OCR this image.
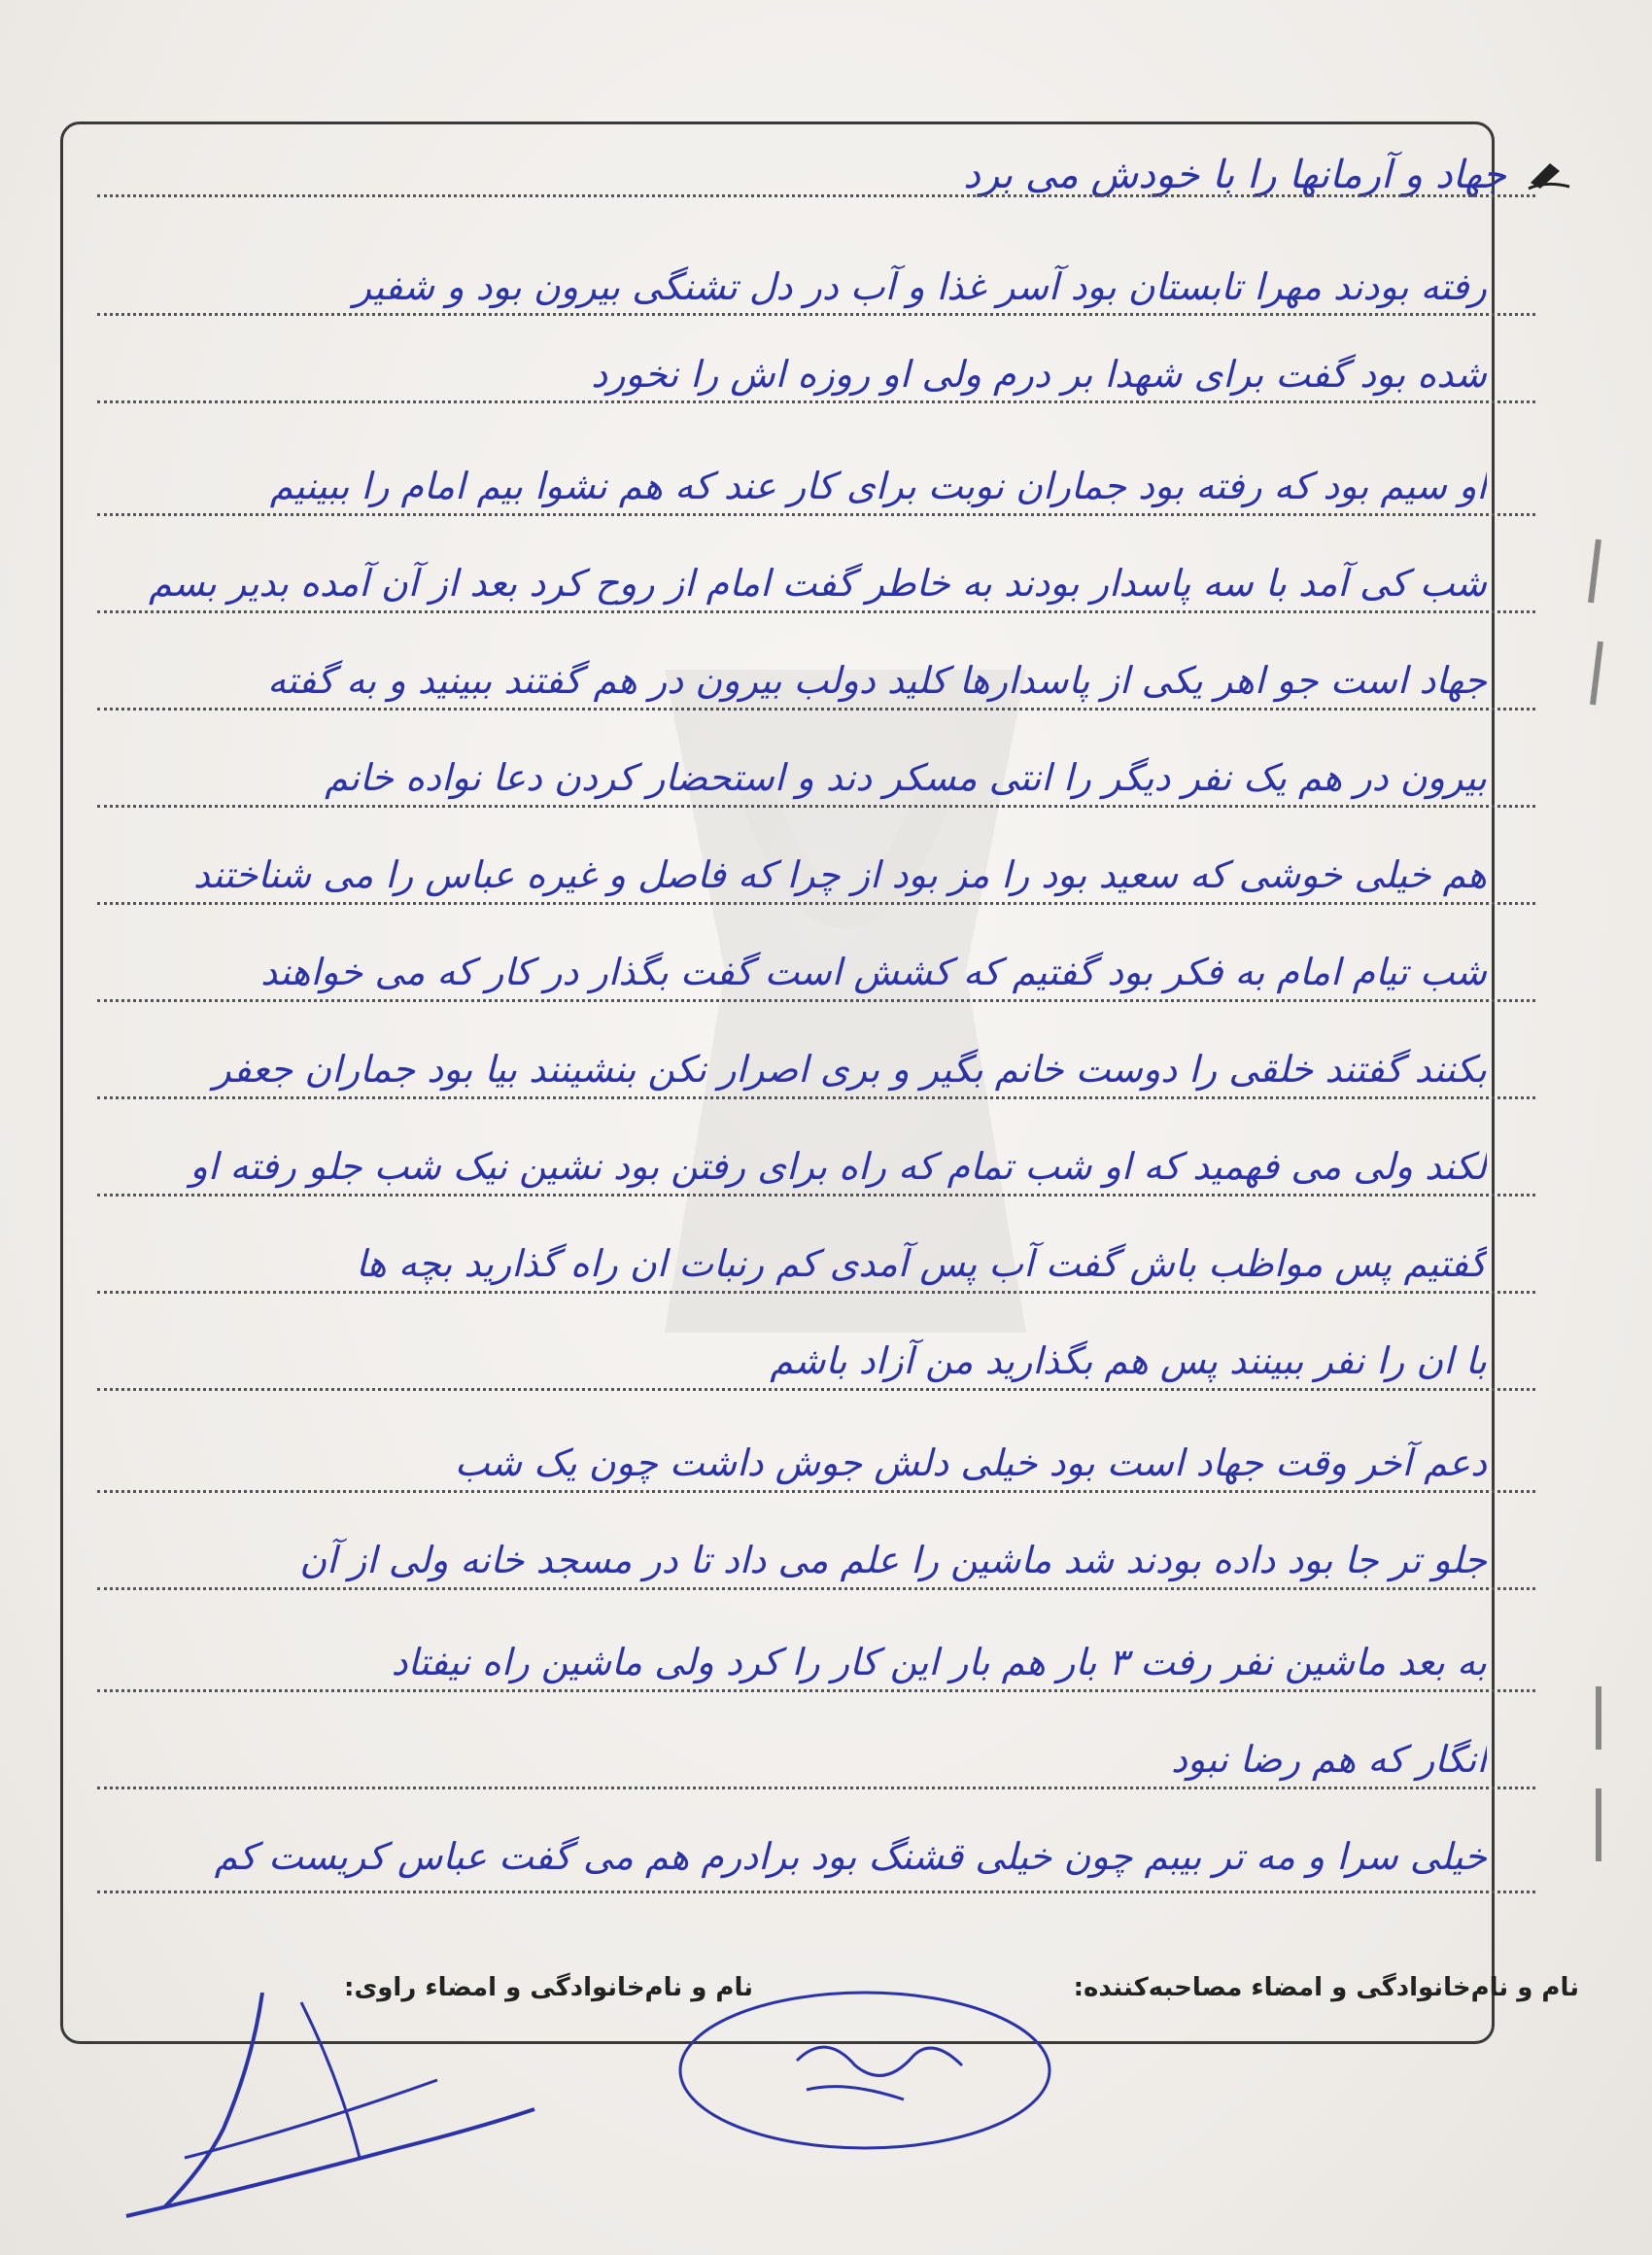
جهاد و آرمانها را با خودش می برد
رفته بودند مهرا تابستان بود آسر غذا و آب در دل تشنگی بیرون بود و شفیر
شده بود گفت برای شهدا بر درم ولی او روزه اش را نخورد
او سیم بود که رفته بود جماران نوبت برای کار عند که هم نشوا بیم امام را ببینیم
شب کی آمد با سه پاسدار بودند به خاطر گفت امام از روح کرد بعد از آن آمده بدیر بسم
جهاد است جو اهر یکی از پاسدارها کلید دولب بیرون در هم گفتند ببینید و به گفته
بیرون در هم یک نفر دیگر را انتی مسکر دند و استحضار کردن دعا نواده خانم
هم خیلی خوشی که سعید بود را مز بود از چرا که فاصل و غیره عباس را می شناختند
شب تیام امام به فکر بود گفتیم که کشش است گفت بگذار در کار که می خواهند
بکنند گفتند خلقی را دوست خانم بگیر و بری اصرار نکن بنشینند بیا بود جماران جعفر
لکند ولی می فهمید که او شب تمام که راه برای رفتن بود نشین نیک شب جلو رفته او
گفتیم پس مواظب باش گفت آب پس آمدی کم رنبات ان راه گذارید بچه ها
با ان را نفر ببینند پس هم بگذارید من آزاد باشم
دعم آخر وقت جهاد است بود خیلی دلش جوش داشت چون یک شب
جلو تر جا بود داده بودند شد ماشین را علم می داد تا در مسجد خانه ولی از آن
به بعد ماشین نفر رفت ۳ بار هم بار این کار را کرد ولی ماشین راه نیفتاد
انگار که هم رضا نبود
خیلی سرا و مه تر بیبم چون خیلی قشنگ بود برادرم هم می گفت عباس کریست کم
نام و نام‌خانوادگی و امضاء مصاحبه‌کننده:
نام و نام‌خانوادگی و امضاء راوی:
